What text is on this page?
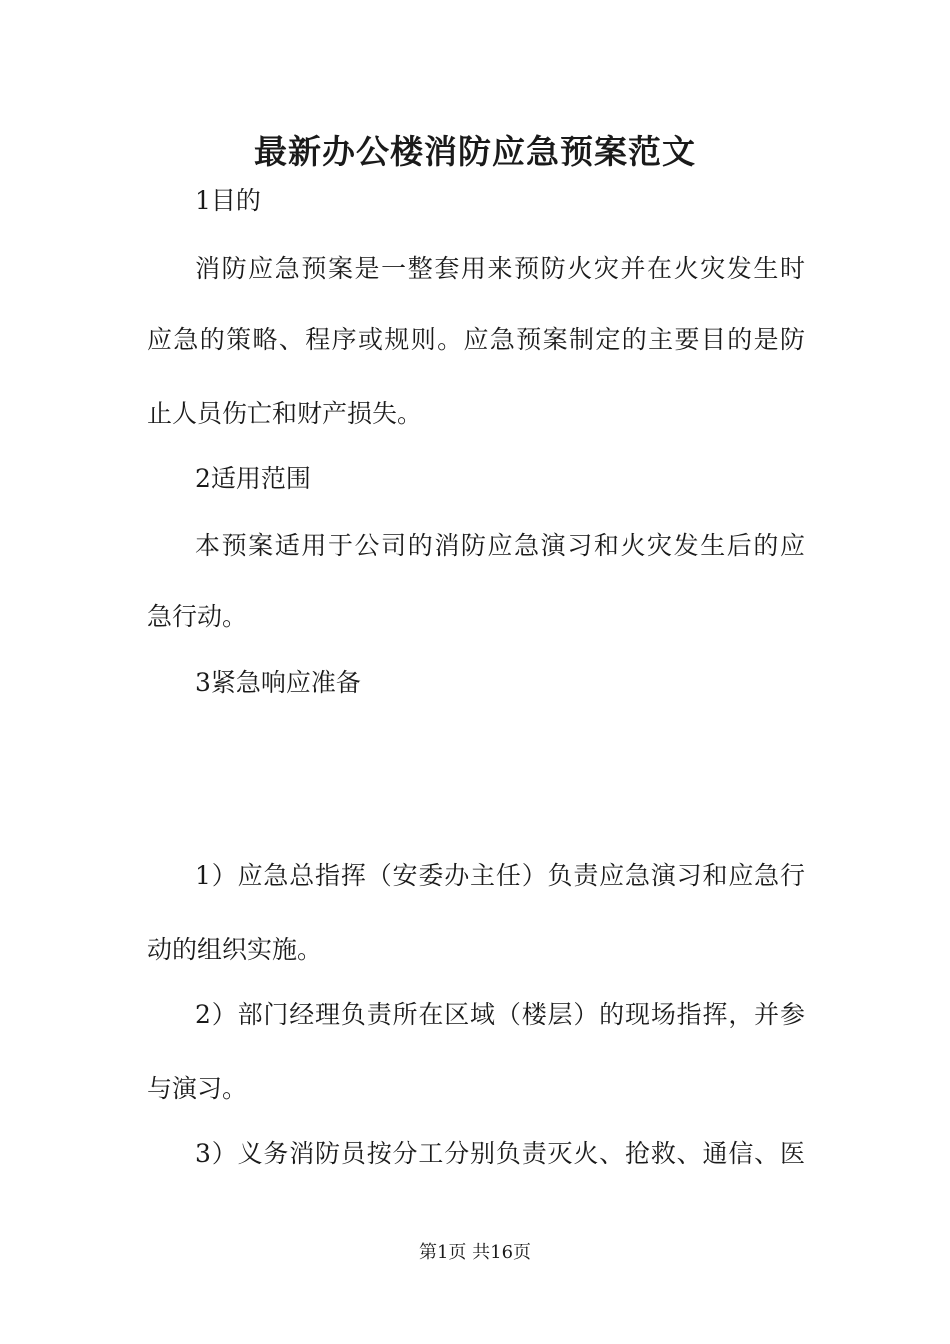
最新办公楼消防应急预案范文
1目的
消防应急预案是一整套用来预防火灾并在火灾发生时
应急的策略、程序或规则。应急预案制定的主要目的是防
止人员伤亡和财产损失。
2适用范围
本预案适用于公司的消防应急演习和火灾发生后的应
急行动。
3紧急响应准备
1）应急总指挥（安委办主任）负责应急演习和应急行
动的组织实施。
2）部门经理负责所在区域（楼层）的现场指挥，并参
与演习。
3）义务消防员按分工分别负责灭火、抢救、通信、医
第1页 共16页
